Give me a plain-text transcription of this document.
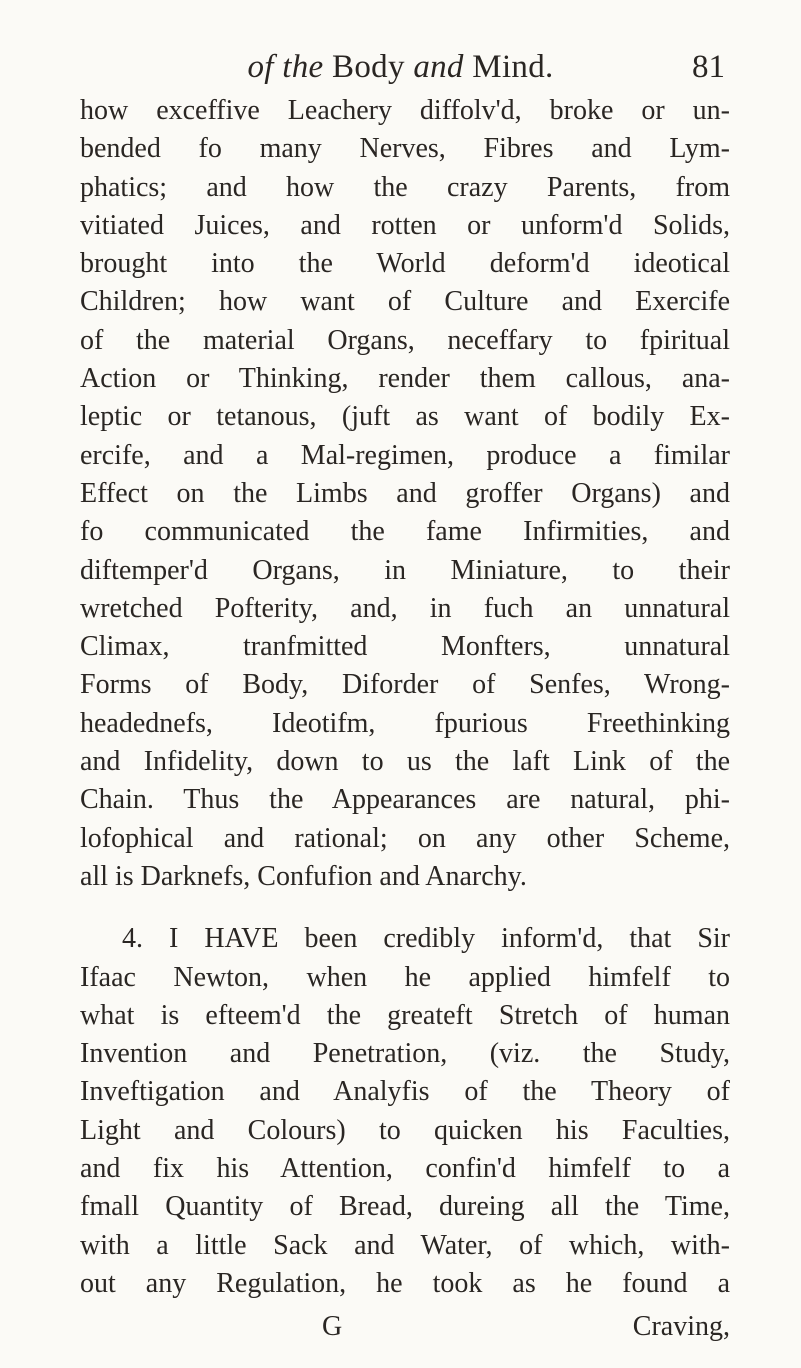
of the Body and Mind.	81
how exceffive Leachery diffolv'd, broke or un-
bended fo many Nerves, Fibres and Lym-
phatics; and how the crazy Parents, from
vitiated Juices, and rotten or unform'd Solids,
brought into the World deform'd ideotical
Children; how want of Culture and Exercife
of the material Organs, neceffary to fpiritual
Action or Thinking, render them callous, ana-
leptic or tetanous, (juft as want of bodily Ex-
ercife, and a Mal-regimen, produce a fimilar
Effect on the Limbs and groffer Organs) and
fo communicated the fame Infirmities, and
diftemper'd Organs, in Miniature, to their
wretched Pofterity, and, in fuch an unnatural
Climax, tranfmitted Monfters, unnatural
Forms of Body, Diforder of Senfes, Wrong-
headednefs, Ideotifm, fpurious Freethinking
and Infidelity, down to us the laft Link of the
Chain. Thus the Appearances are natural, phi-
lofophical and rational; on any other Scheme,
all is Darknefs, Confufion and Anarchy.
4. I HAVE been credibly inform'd, that Sir
Ifaac Newton, when he applied himfelf to
what is efteem'd the greateft Stretch of human
Invention and Penetration, (viz. the Study,
Inveftigation and Analyfis of the Theory of
Light and Colours) to quicken his Faculties,
and fix his Attention, confin'd himfelf to a
fmall Quantity of Bread, dureing all the Time,
with a little Sack and Water, of which, with-
out any Regulation, he took as he found a
G	Craving,
